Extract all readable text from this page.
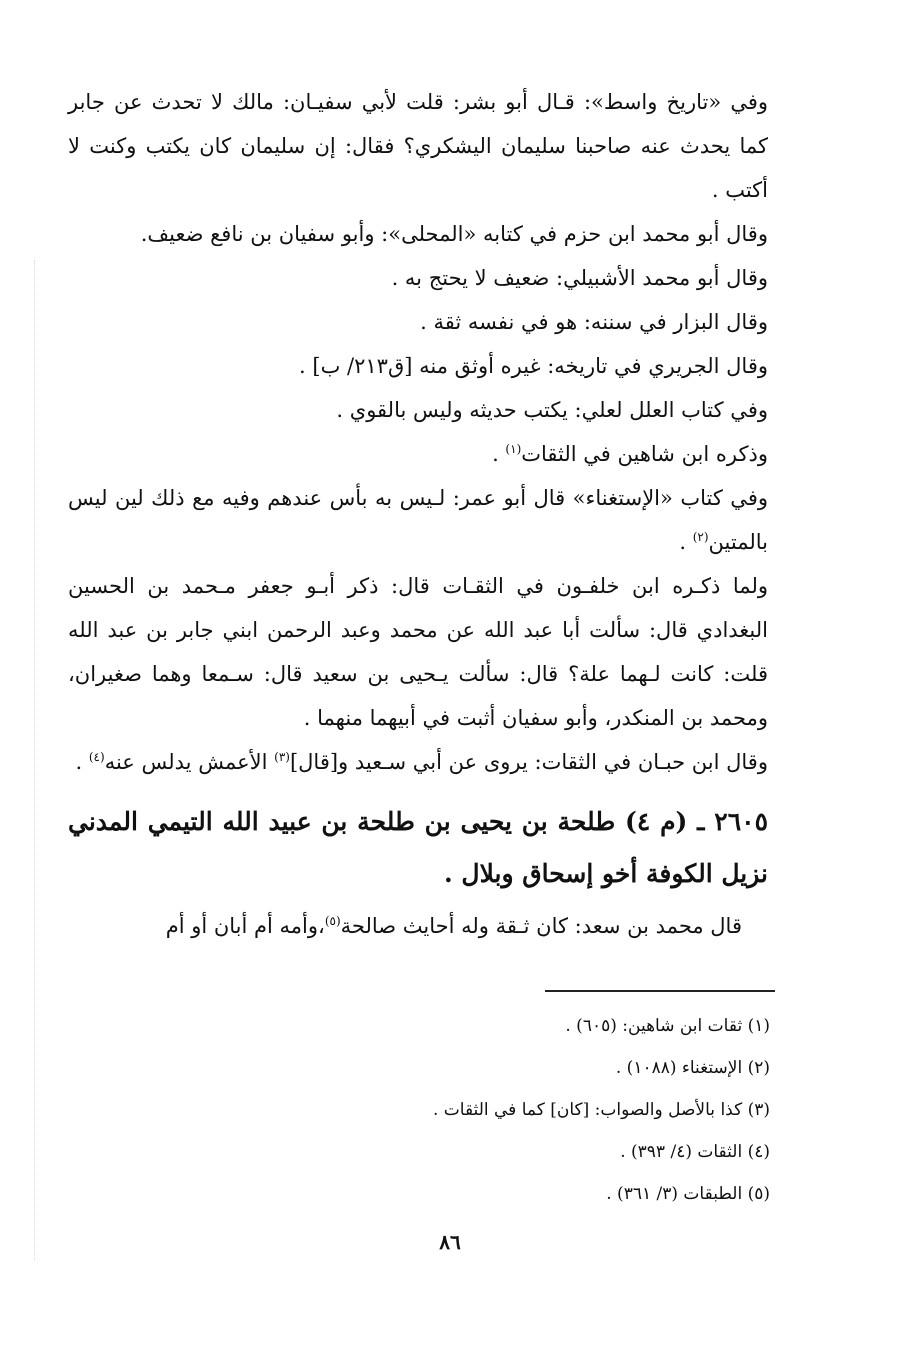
وفي «تاريخ واسط»: قـال أبو بشر: قلت لأبي سفيـان: مالك لا تحدث عن جابر كما يحدث عنه صاحبنا سليمان اليشكري؟ فقال: إن سليمان كان يكتب وكنت لا أكتب .

وقال أبو محمد ابن حزم في كتابه «المحلى»: وأبو سفيان بن نافع ضعيف.

وقال أبو محمد الأشبيلي: ضعيف لا يحتج به .

وقال البزار في سننه: هو في نفسه ثقة .

وقال الجريري في تاريخه: غيره أوثق منه [ق٢١٣/ ب] .

وفي كتاب العلل لعلي: يكتب حديثه وليس بالقوي .

وذكره ابن شاهين في الثقات$^{(١)}$ .

وفي كتاب «الإستغناء» قال أبو عمر: لـيس به بأس عندهم وفيه مع ذلك لين ليس بالمتين$^{(٢)}$ .

ولما ذكـره ابن خلفـون في الثقـات قال: ذكر أبـو جعفر مـحمد بن الحسين البغدادي قال: سألت أبا عبد الله عن محمد وعبد الرحمن ابني جابر بن عبد الله قلت: كانت لـهما علة؟ قال: سألت يـحيى بن سعيد قال: سـمعا وهما صغيران، ومحمد بن المنكدر، وأبو سفيان أثبت في أبيهما منهما .

وقال ابن حبـان في الثقات: يروى عن أبي سـعيد و[قال]$^{(٣)}$ الأعمش يدلس عنه$^{(٤)}$ .

٢٦٠٥ ـ (م ٤) طلحة بن يحيى بن طلحة بن عبيد الله التيمي المدني نزيل الكوفة أخو إسحاق وبلال .

قال محمد بن سعد: كان ثـقة وله أحايث صالحة$^{(٥)}$،وأمه أم أبان أو أم

(١) ثقات ابن شاهين: (٦٠٥) .

(٢) الإستغناء (١٠٨٨) .

(٣) كذا بالأصل والصواب: [كان] كما في الثقات .

(٤) الثقات (٤/ ٣٩٣) .

(٥) الطبقات (٣/ ٣٦١) .

٨٦
